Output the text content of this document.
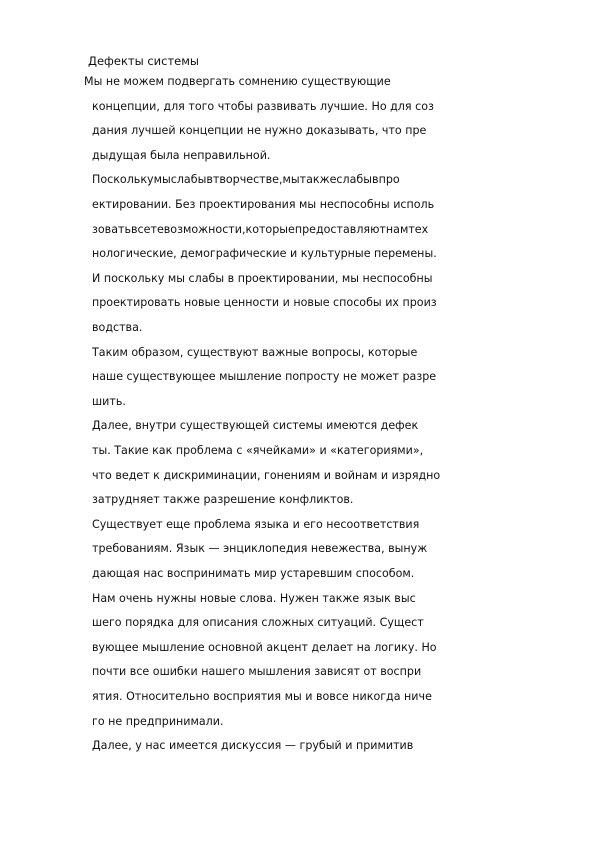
Дефекты системы
Мы не можем подвергать сомнению существующие
концепции, для того чтобы развивать лучшие. Но для соз
дания лучшей концепции не нужно доказывать, что пре
дыдущая была неправильной.
Посколькумыслабывтворчестве,мытакжеслабывпро
ектировании. Без проектирования мы неспособны исполь
зоватьвсетевозможности,которыепредоставляютнамтех
нологические, демографические и культурные перемены.
И поскольку мы слабы в проектировании, мы неспособны
проектировать новые ценности и новые способы их произ
водства.
Таким образом, существуют важные вопросы, которые
наше существующее мышление попросту не может разре
шить.
Далее, внутри существующей системы имеются дефек
ты. Такие как проблема с «ячейками» и «категориями»,
что ведет к дискриминации, гонениям и войнам и изрядно
затрудняет также разрешение конфликтов.
Существует еще проблема языка и его несоответствия
требованиям. Язык — энциклопедия невежества, вынуж
дающая нас воспринимать мир устаревшим способом.
Нам очень нужны новые слова. Нужен также язык выс
шего порядка для описания сложных ситуаций. Сущест
вующее мышление основной акцент делает на логику. Но
почти все ошибки нашего мышления зависят от воспри
ятия. Относительно восприятия мы и вовсе никогда ниче
го не предпринимали.
Далее, у нас имеется дискуссия — грубый и примитив
